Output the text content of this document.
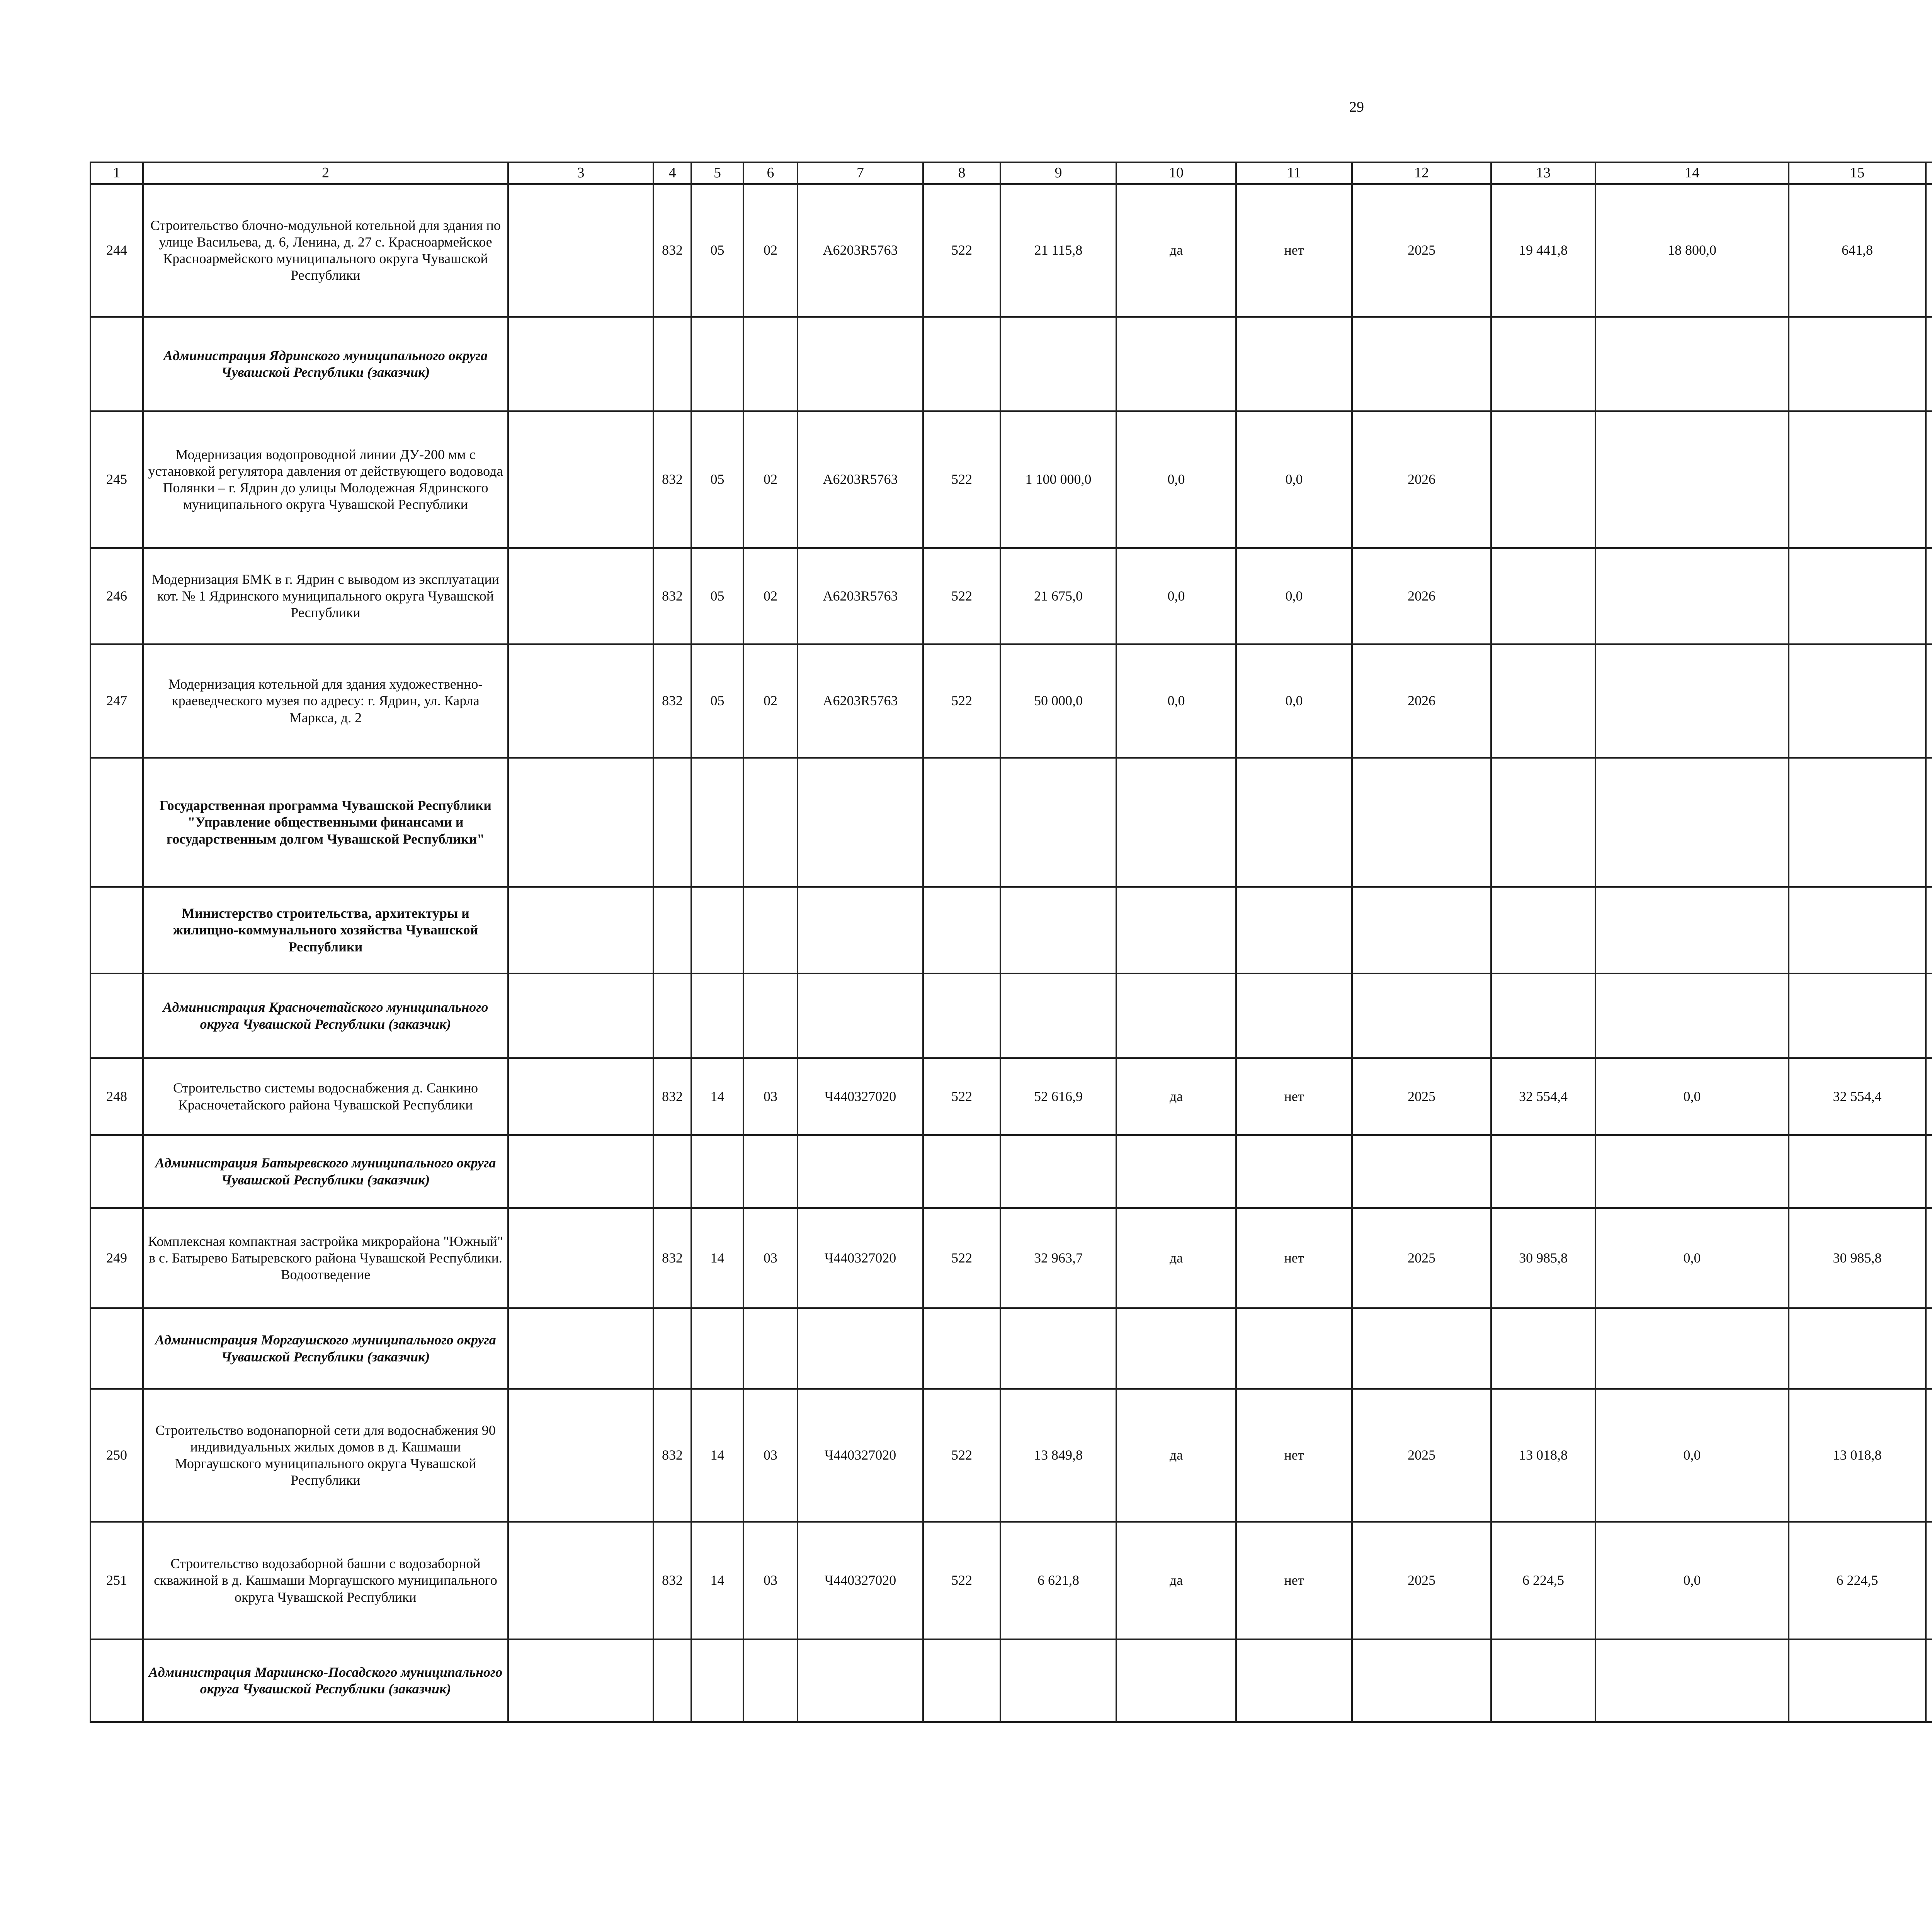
29
1	2	3	4	5	6	7	8	9	10	11	12	13	14	15						
244	Строительство блочно-модульной котельной для здания по улице Васильева, д. 6, Ленина, д. 27 с. Красноармейское Красноармейского муниципального округа Чувашской Республики		832	05	02	А6203R5763	522	21 115,8	да	нет	2025	19 441,8	18 800,0	641,8						
	Администрация Ядринского муниципального округа Чувашской Республики (заказчик)																			
245	Модернизация водопроводной линии ДУ-200 мм с установкой регулятора давления от действующего водовода Полянки – г. Ядрин до улицы Молодежная Ядринского муниципального округа Чувашской Республики		832	05	02	А6203R5763	522	1 100 000,0	0,0	0,0	2026									
246	Модернизация БМК в г. Ядрин с выводом из эксплуатации кот. № 1 Ядринского муниципального округа Чувашской Республики		832	05	02	А6203R5763	522	21 675,0	0,0	0,0	2026									
247	Модернизация котельной для здания художественно-краеведческого музея по адресу: г. Ядрин, ул. Карла Маркса, д. 2		832	05	02	А6203R5763	522	50 000,0	0,0	0,0	2026									
	Государственная программа Чувашской Республики "Управление общественными финансами и государственным долгом Чувашской Республики"																			
	Министерство строительства, архитектуры и жилищно-коммунального хозяйства Чувашской Республики																			
	Администрация Красночетайского муниципального округа Чувашской Республики (заказчик)																			
248	Строительство системы водоснабжения д. Санкино Красночетайского района Чувашской Республики		832	14	03	Ч440327020	522	52 616,9	да	нет	2025	32 554,4	0,0	32 554,4						
	Администрация Батыревского муниципального округа Чувашской Республики (заказчик)																			
249	Комплексная компактная застройка микрорайона "Южный" в с. Батырево Батыревского района Чувашской Республики. Водоотведение		832	14	03	Ч440327020	522	32 963,7	да	нет	2025	30 985,8	0,0	30 985,8						
	Администрация Моргаушского муниципального округа Чувашской Республики (заказчик)																			
250	Строительство водонапорной сети для водоснабжения 90 индивидуальных жилых домов в д. Кашмаши Моргаушского муниципального округа Чувашской Республики		832	14	03	Ч440327020	522	13 849,8	да	нет	2025	13 018,8	0,0	13 018,8						
251	Строительство водозаборной башни с водозаборной скважиной в д. Кашмаши Моргаушского муниципального округа Чувашской Республики		832	14	03	Ч440327020	522	6 621,8	да	нет	2025	6 224,5	0,0	6 224,5						
	Администрация Мариинско-Посадского муниципального округа Чувашской Республики (заказчик)																			
